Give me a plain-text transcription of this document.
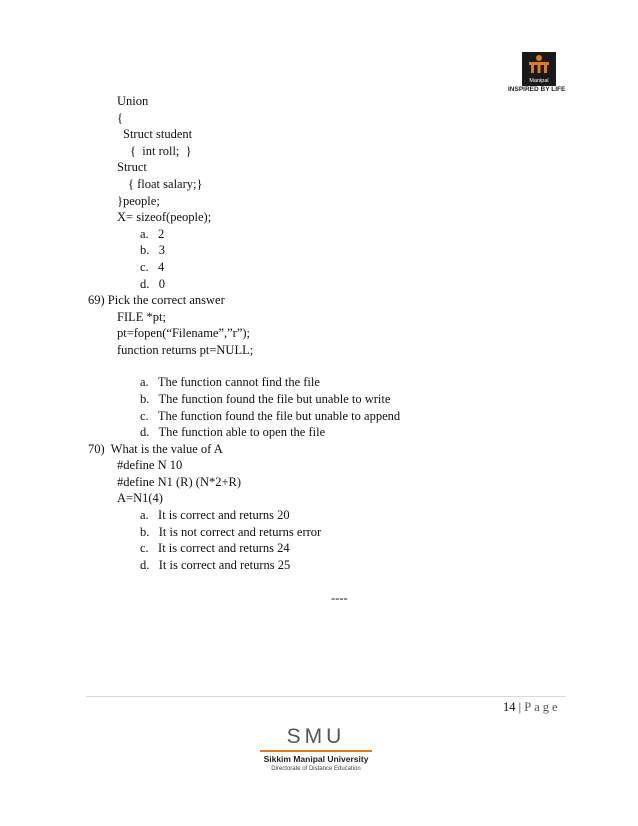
Manipal
INSPIRED BY LIFE
Union
{
Struct student
{  int roll;  }
Struct
{ float salary;}
}people;
X= sizeof(people);
a.   2
b.   3
c.   4
d.   0
69) Pick the correct answer
FILE *pt;
pt=fopen(“Filename”,”r”);
function returns pt=NULL;
a.   The function cannot find the file
b.   The function found the file but unable to write
c.   The function found the file but unable to append
d.   The function able to open the file
70)  What is the value of A
#define N 10
#define N1 (R) (N*2+R)
A=N1(4)
a.   It is correct and returns 20
b.   It is not correct and returns error
c.   It is correct and returns 24
d.   It is correct and returns 25
----
14 | Page
SMU
Sikkim Manipal University
Directorate of Distance Education
